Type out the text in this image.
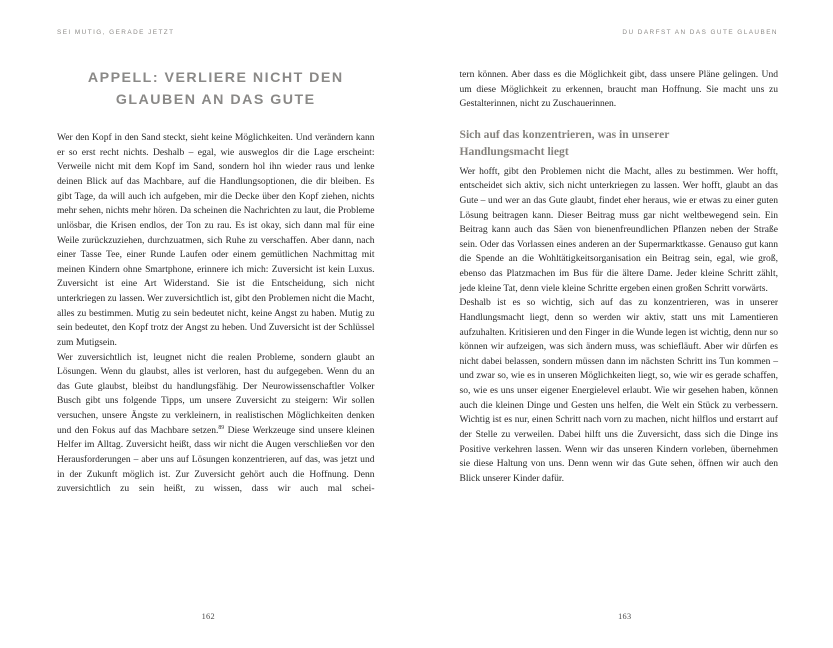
SEI MUTIG, GERADE JETZT
APPELL: VERLIERE NICHT DEN
GLAUBEN AN DAS GUTE

Wer den Kopf in den Sand steckt, sieht keine Möglichkeiten. Und verändern kann er so erst recht nichts. Deshalb – egal, wie ausweglos dir die Lage erscheint: Verweile nicht mit dem Kopf im Sand, sondern hol ihn wieder raus und lenke deinen Blick auf das Machbare, auf die Handlungsoptionen, die dir bleiben. Es gibt Tage, da will auch ich aufgeben, mir die Decke über den Kopf ziehen, nichts mehr sehen, nichts mehr hören. Da scheinen die Nachrichten zu laut, die Probleme unlösbar, die Krisen endlos, der Ton zu rau. Es ist okay, sich dann mal für eine Weile zurückzuziehen, durchzuatmen, sich Ruhe zu verschaffen. Aber dann, nach einer Tasse Tee, einer Runde Laufen oder einem gemütlichen Nachmittag mit meinen Kindern ohne Smartphone, erinnere ich mich: Zuversicht ist kein Luxus. Zuversicht ist eine Art Widerstand. Sie ist die Entscheidung, sich nicht unterkriegen zu lassen. Wer zuversichtlich ist, gibt den Problemen nicht die Macht, alles zu bestimmen. Mutig zu sein bedeutet nicht, keine Angst zu haben. Mutig zu sein bedeutet, den Kopf trotz der Angst zu heben. Und Zuversicht ist der Schlüssel zum Mutigsein.

Wer zuversichtlich ist, leugnet nicht die realen Probleme, sondern glaubt an Lösungen. Wenn du glaubst, alles ist verloren, hast du aufgegeben. Wenn du an das Gute glaubst, bleibst du handlungsfähig. Der Neurowissenschaftler Volker Busch gibt uns folgende Tipps, um unsere Zuversicht zu steigern: Wir sollen versuchen, unsere Ängste zu verkleinern, in realistischen Möglichkeiten denken und den Fokus auf das Machbare setzen.$^{89}$ Diese Werkzeuge sind unsere kleinen Helfer im Alltag. Zuversicht heißt, dass wir nicht die Augen verschließen vor den Herausforderungen – aber uns auf Lösungen konzentrieren, auf das, was jetzt und in der Zukunft möglich ist. Zur Zuversicht gehört auch die Hoffnung. Denn zuversichtlich zu sein heißt, zu wissen, dass wir auch mal schei-

162
DU DARFST AN DAS GUTE GLAUBEN

tern können. Aber dass es die Möglichkeit gibt, dass unsere Pläne gelingen. Und um diese Möglichkeit zu erkennen, braucht man Hoffnung. Sie macht uns zu Gestalterinnen, nicht zu Zuschauerinnen.

Sich auf das konzentrieren, was in unserer
Handlungsmacht liegt

Wer hofft, gibt den Problemen nicht die Macht, alles zu bestimmen. Wer hofft, entscheidet sich aktiv, sich nicht unterkriegen zu lassen. Wer hofft, glaubt an das Gute – und wer an das Gute glaubt, findet eher heraus, wie er etwas zu einer guten Lösung beitragen kann. Dieser Beitrag muss gar nicht weltbewegend sein. Ein Beitrag kann auch das Säen von bienenfreundlichen Pflanzen neben der Straße sein. Oder das Vorlassen eines anderen an der Supermarktkasse. Genauso gut kann die Spende an die Wohltätigkeitsorganisation ein Beitrag sein, egal, wie groß, ebenso das Platzmachen im Bus für die ältere Dame. Jeder kleine Schritt zählt, jede kleine Tat, denn viele kleine Schritte ergeben einen großen Schritt vorwärts.

Deshalb ist es so wichtig, sich auf das zu konzentrieren, was in unserer Handlungsmacht liegt, denn so werden wir aktiv, statt uns mit Lamentieren aufzuhalten. Kritisieren und den Finger in die Wunde legen ist wichtig, denn nur so können wir aufzeigen, was sich ändern muss, was schiefläuft. Aber wir dürfen es nicht dabei belassen, sondern müssen dann im nächsten Schritt ins Tun kommen – und zwar so, wie es in unseren Möglichkeiten liegt, so, wie wir es gerade schaffen, so, wie es uns unser eigener Energielevel erlaubt. Wie wir gesehen haben, können auch die kleinen Dinge und Gesten uns helfen, die Welt ein Stück zu verbessern. Wichtig ist es nur, einen Schritt nach vorn zu machen, nicht hilflos und erstarrt auf der Stelle zu verweilen. Dabei hilft uns die Zuversicht, dass sich die Dinge ins Positive verkehren lassen. Wenn wir das unseren Kindern vorleben, übernehmen sie diese Haltung von uns. Denn wenn wir das Gute sehen, öffnen wir auch den Blick unserer Kinder dafür.

163
